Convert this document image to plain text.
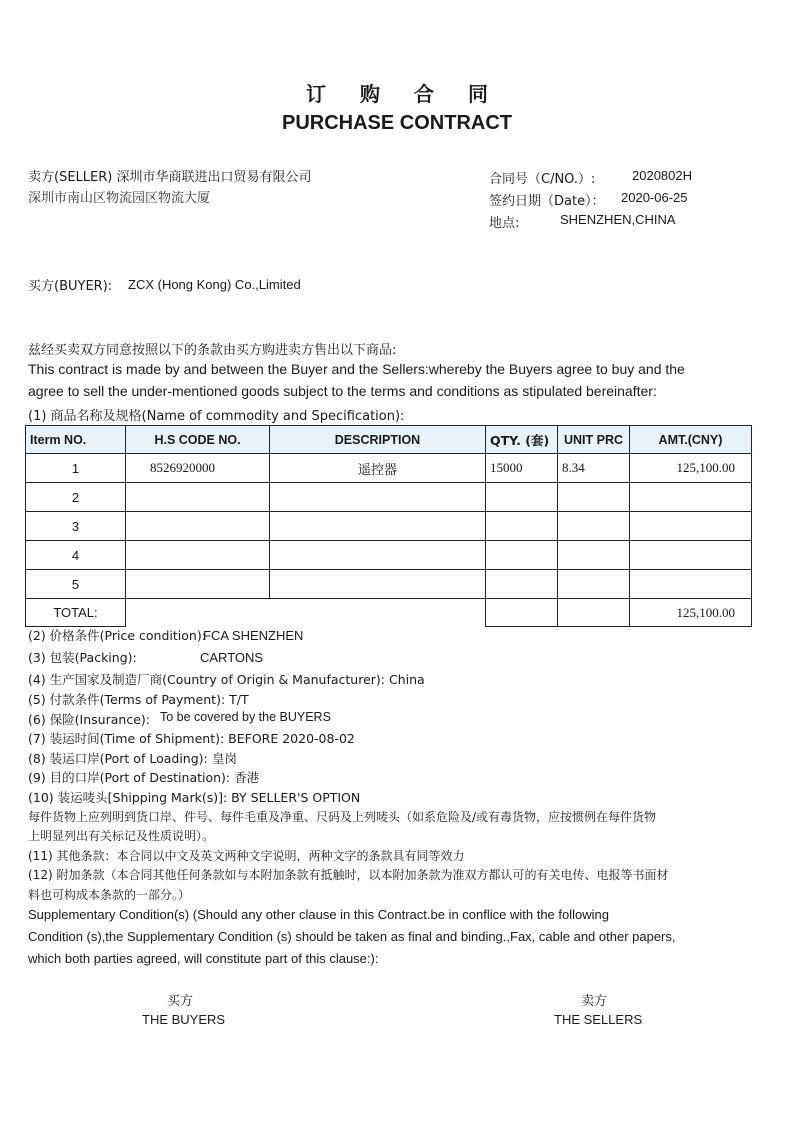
订购合同
PURCHASE CONTRACT
卖方(SELLER) 深圳市华商联进出口贸易有限公司
深圳市南山区物流园区物流大厦
合同号（C/NO.）:	2020802H
签约日期（Date）： 2020-06-25
地点:	SHENZHEN,CHINA
买方(BUYER): ZCX (Hong Kong) Co.,Limited
兹经买卖双方同意按照以下的条款由买方购进卖方售出以下商品:
This contract is made by and between the Buyer and the Sellers:whereby the Buyers agree to buy and the
agree to sell the under-mentioned goods subject to the terms and conditions as stipulated bereinafter:
(1) 商品名称及规格(Name of commodity and Specification):
Iterm NO.	H.S CODE NO.	DESCRIPTION	QTY. (套)	UNIT PRC	AMT.(CNY)
1	8526920000	遥控器	15000	8.34	125,100.00
2					
3					
4					
5					
TOTAL:					125,100.00
(2) 价格条件(Price condition):
FCA SHENZHEN
(3) 包装(Packing):	CARTONS
(4) 生产国家及制造厂商(Country of Origin & Manufacturer): China
(5) 付款条件(Terms of Payment): T/T
(6) 保险(Insurance): To be covered by the BUYERS
(7) 装运时间(Time of Shipment): BEFORE 2020-08-02
(8) 装运口岸(Port of Loading): 皇岗
(9) 目的口岸(Port of Destination): 香港
(10) 装运唛头[Shipping Mark(s)]: BY SELLER'S OPTION
每件货物上应列明到货口岸、件号、每件毛重及净重、尺码及上列唛头（如系危险及/或有毒货物，应按惯例在每件货物
上明显列出有关标记及性质说明）。
(11) 其他条款：本合同以中文及英文两种文字说明，两种文字的条款具有同等效力
(12) 附加条款（本合同其他任何条款如与本附加条款有抵触时，以本附加条款为准双方都认可的有关电传、电报等书面材
料也可构成本条款的一部分。）
Supplementary Condition(s) (Should any other clause in this Contract.be in conflice with the following
Condition (s),the Supplementary Condition (s) should be taken as final and binding.,Fax, cable and other papers,
which both parties agreed, will constitute part of this clause:):
买方
THE BUYERS
卖方
THE SELLERS
